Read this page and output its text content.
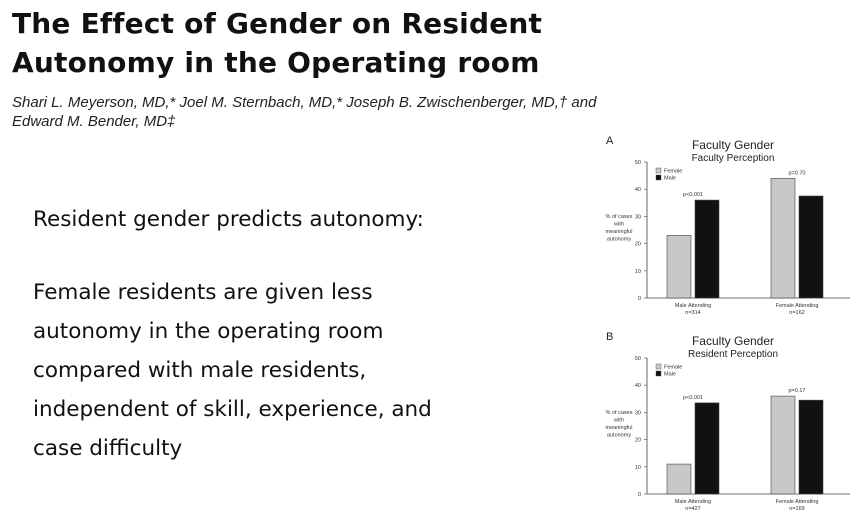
The Effect of Gender on Resident
Autonomy in the Operating room
Shari L. Meyerson, MD,* Joel M. Sternbach, MD,* Joseph B. Zwischenberger, MD,† and
Edward M. Bender, MD‡
Resident gender predicts autonomy:
Female residents are given less
autonomy in the operating room
compared with male residents,
independent of skill, experience, and
case difficulty
A	Faculty Gender
Faculty Perception
0
10
20
30
40
50
% of cases
with
meaningful
autonomy
Female
Male
p<0.001
Male Attending
n=314
p=0.70
Female Attending
n=162
B	Faculty Gender
Resident Perception
0
10
20
30
40
50
% of cases
with
meaningful
autonomy
Female
Male
p<0.001
Male Attending
n=427
p=0.17
Female Attending
n=169
